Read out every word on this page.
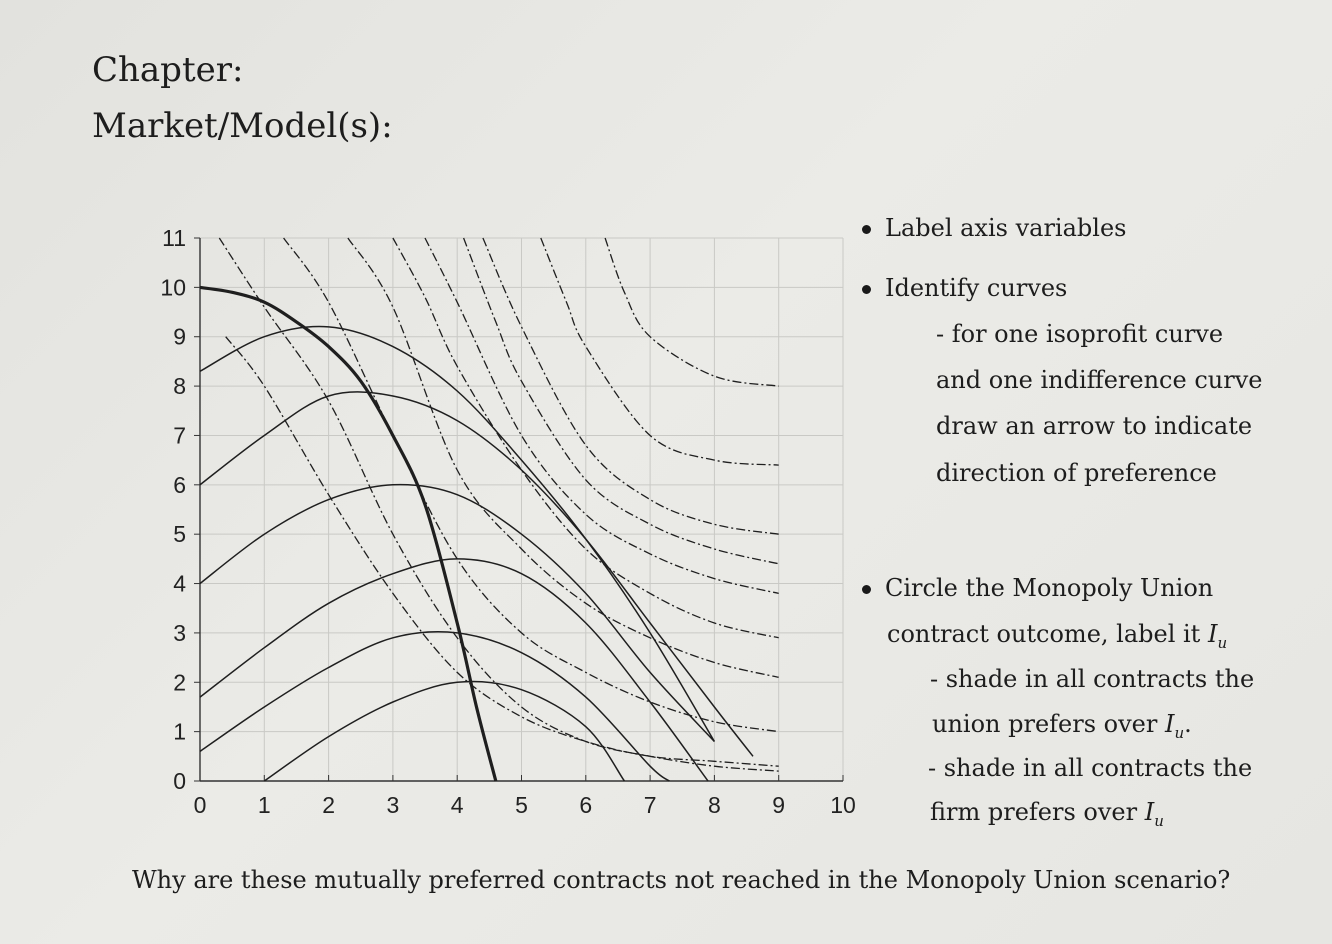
Chapter:
Market/Model(s):
0 1 2 3 4 5 6 7 8 9 10
0
1
2
3
4
5
6
7
8
9
10
11	Label axis variables
Identify curves
- for one isoprofit curve
and one indifference curve
draw an arrow to indicate
direction of preference
Circle the Monopoly Union
contract outcome, label it $I_u$
- shade in all contracts the
union prefers over $I_u$.
- shade in all contracts the
firm prefers over $I_u$
Why are these mutually preferred contracts not reached in the Monopoly Union scenario?
